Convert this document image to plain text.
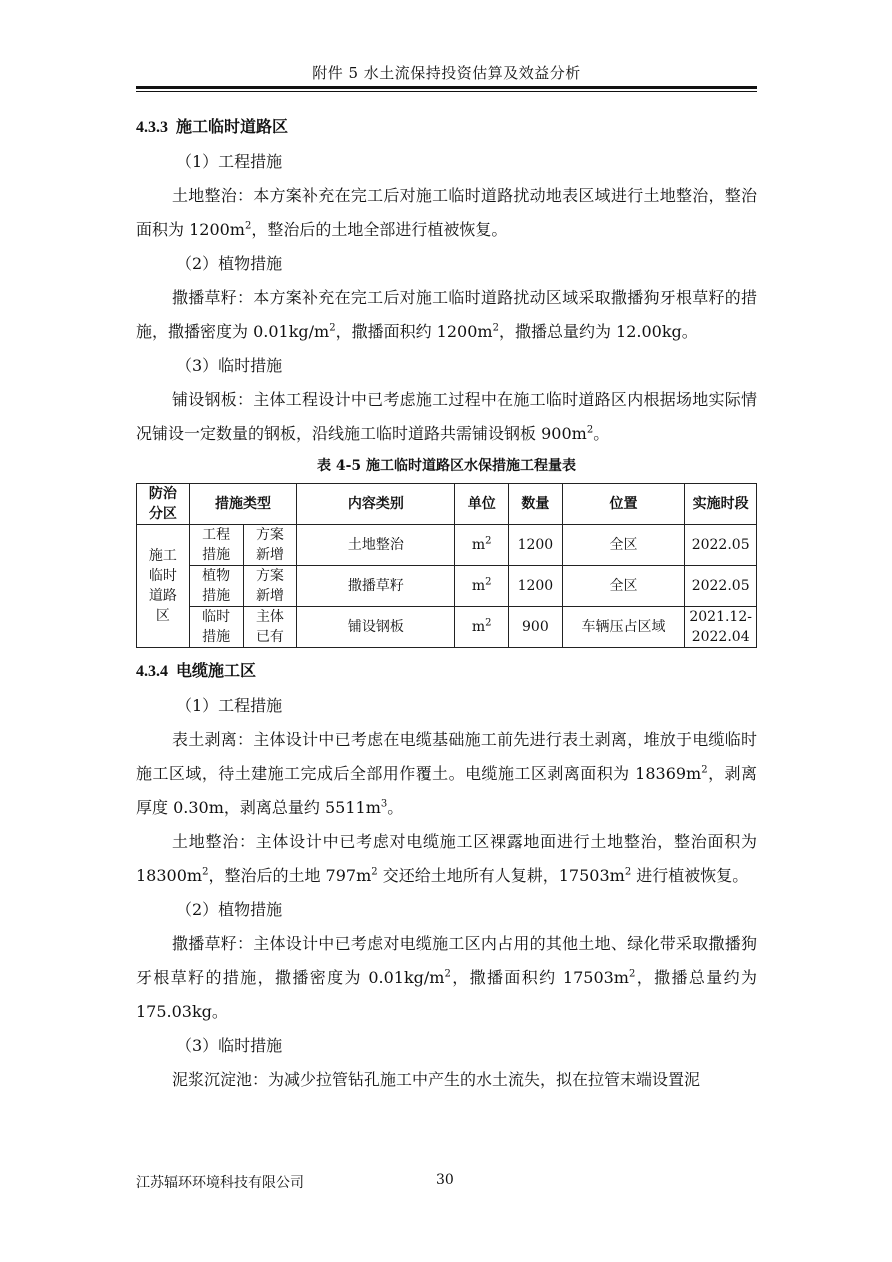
附件 5 水土流保持投资估算及效益分析

4.3.3 施工临时道路区

（1）工程措施

土地整治：本方案补充在完工后对施工临时道路扰动地表区域进行土地整治，整治面积为 $1200m^2$，整治后的土地全部进行植被恢复。

（2）植物措施

撒播草籽：本方案补充在完工后对施工临时道路扰动区域采取撒播狗牙根草籽的措施，撒播密度为 $0.01kg/m^2$，撒播面积约 $1200m^2$，撒播总量约为 12.00kg。

（3）临时措施

铺设钢板：主体工程设计中已考虑施工过程中在施工临时道路区内根据场地实际情况铺设一定数量的钢板，沿线施工临时道路共需铺设钢板 $900m^2$。

表 4-5 施工临时道路区水保措施工程量表
防治分区	措施类型		内容类别	单位	数量	位置	实施时段
施工临时道路区	工程措施	方案新增	土地整治	$m^2$	1200	全区	2022.05
	植物措施	方案新增	撒播草籽	$m^2$	1200	全区	2022.05
	临时措施	主体已有	铺设钢板	$m^2$	900	车辆压占区域	2021.12-2022.04

4.3.4 电缆施工区

（1）工程措施

表土剥离：主体设计中已考虑在电缆基础施工前先进行表土剥离，堆放于电缆临时施工区域，待土建施工完成后全部用作覆土。电缆施工区剥离面积为 $18369m^2$，剥离厚度 0.30m，剥离总量约 $5511m^3$。

土地整治：主体设计中已考虑对电缆施工区裸露地面进行土地整治，整治面积为 $18300m^2$，整治后的土地 $797m^2$ 交还给土地所有人复耕，$17503m^2$ 进行植被恢复。

（2）植物措施

撒播草籽：主体设计中已考虑对电缆施工区内占用的其他土地、绿化带采取撒播狗牙根草籽的措施，撒播密度为 $0.01kg/m^2$，撒播面积约 $17503m^2$，撒播总量约为 175.03kg。

（3）临时措施

泥浆沉淀池：为减少拉管钻孔施工中产生的水土流失，拟在拉管末端设置泥

江苏辐环环境科技有限公司	30
